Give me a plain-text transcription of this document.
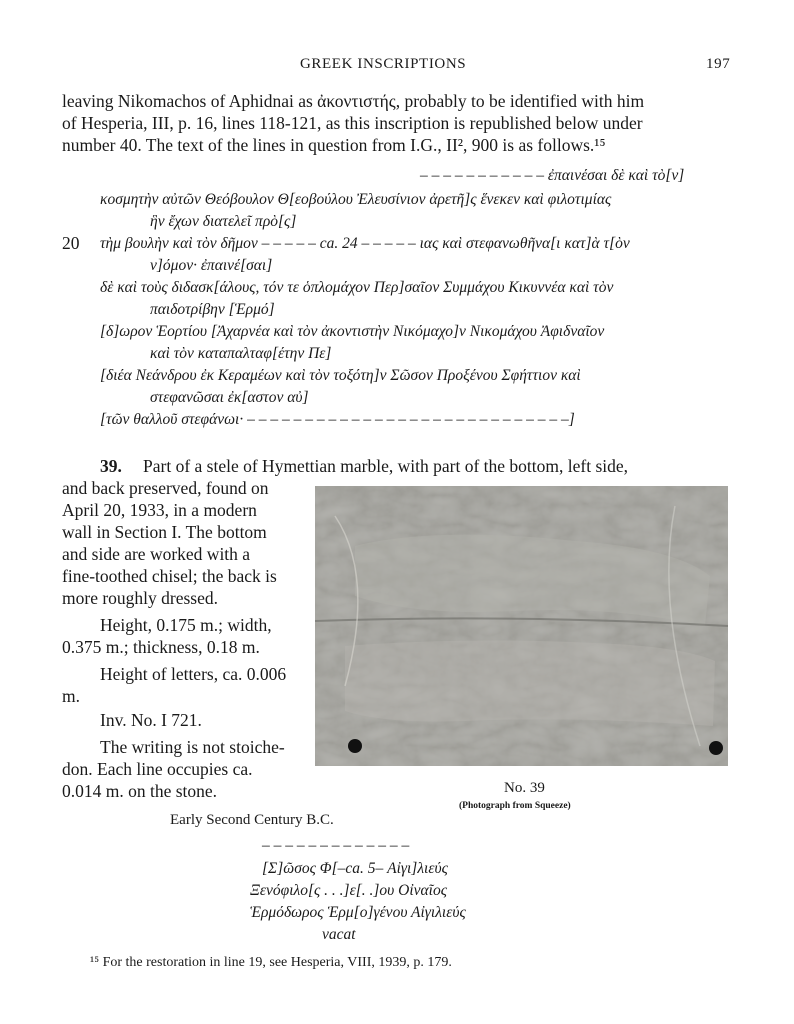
GREEK INSCRIPTIONS	197
leaving Nikomachos of Aphidnai as ἀκοντιστής, probably to be identified with him
of Hesperia, III, p. 16, lines 118-121, as this inscription is republished below under
number 40. The text of the lines in question from I.G., II², 900 is as follows.¹⁵
– – – – – – – – – – – ἐπαινέσαι δὲ καὶ τὸ[ν]
κοσμητὴν αὐτῶν Θεόβουλον Θ[εοβούλου Ἐλευσίνιον ἀρετῆ]ς ἕνεκεν καὶ φιλοτιμίας
ἣν ἔχων διατελεῖ πρὸ[ς]
20 τὴμ βουλὴν καὶ τὸν δῆμον – – – – – ca. 24 – – – – – ιας καὶ στεφανωθῆνα[ι κατ]ὰ τ[ὸν
ν]όμον· ἐπαινέ[σαι]
δὲ καὶ τοὺς διδασκ[άλους, τόν τε ὁπλομάχον Περ]σαῖον Συμμάχου Κικυννέα καὶ τὸν
παιδοτρίβην [Ἑρμό]
[δ]ωρον Ἑορτίου [Ἀχαρνέα καὶ τὸν ἀκοντιστὴν Νικόμαχο]ν Νικομάχου Ἀφιδναῖον
καὶ τὸν καταπαλταφ[έτην Πε]
[διέα Νεάνδρου ἐκ Κεραμέων καὶ τὸν τοξότη]ν Σῶσον Προξένου Σφήττιον καὶ
στεφανῶσαι ἐκ[αστον αὐ]
[τῶν θαλλοῦ στεφάνωι· – – – – – – – – – – – – – – – – – – – – – – – – – – – –]
39. Part of a stele of Hymettian marble, with part of the bottom, left side,
and back preserved, found on
April 20, 1933, in a modern
wall in Section I. The bottom
and side are worked with a
fine-toothed chisel; the back is
more roughly dressed.
Height, 0.175 m.; width,
0.375 m.; thickness, 0.18 m.
Height of letters, ca. 0.006
m.
Inv. No. I 721.
The writing is not stoiche-
don. Each line occupies ca.
0.014 m. on the stone.	No. 39
(Photograph from Squeeze)
Early Second Century B.C.
– – – – – – – – – – – – –
[Σ]ῶσος Φ[–ca. 5– Αἰγι]λιεύς
Ξενόφιλο[ς . . .]ε[. .]ου Οἰναῖος
Ἑρμόδωρος Ἑρμ[ο]γένου Αἰγιλιεύς
vacat
¹⁵ For the restoration in line 19, see Hesperia, VIII, 1939, p. 179.
